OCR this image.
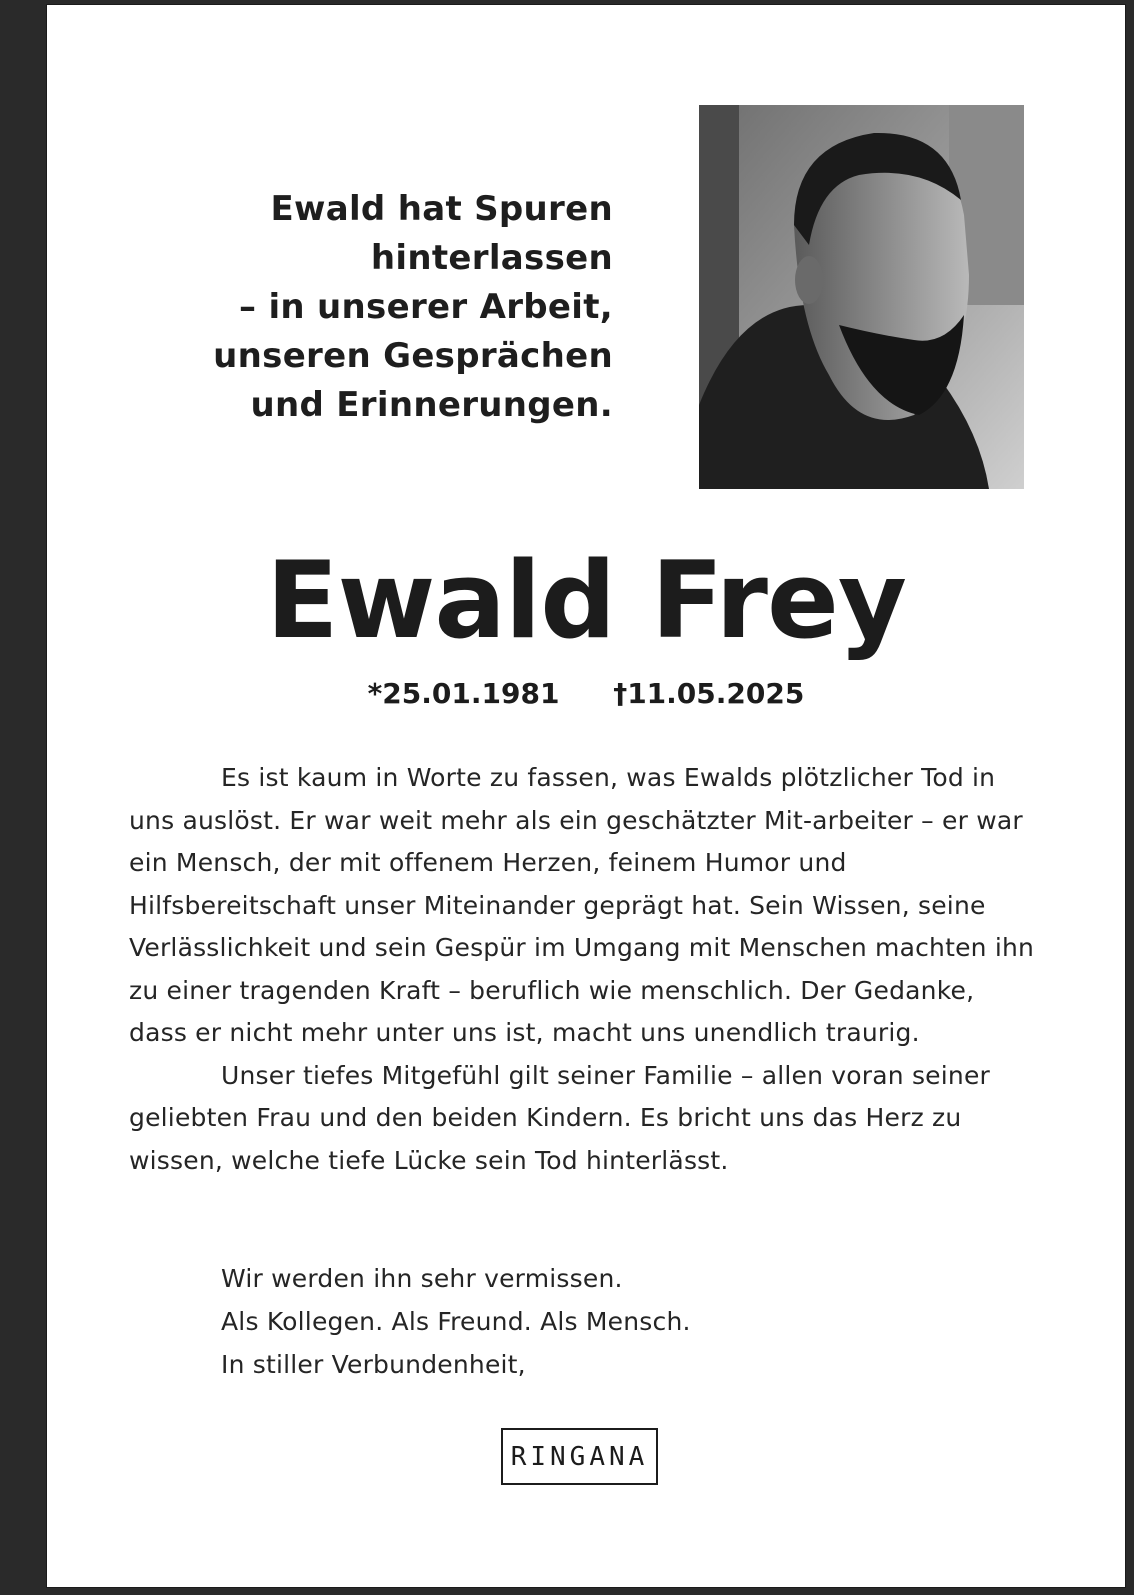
Ewald hat Spuren
hinterlassen
– in unserer Arbeit,
unseren Gesprächen
und Erinnerungen.
Ewald Frey
*25.01.1981 †11.05.2025

Es ist kaum in Worte zu fassen, was Ewalds plötzlicher Tod in uns auslöst. Er war weit mehr als ein geschätzter Mit-arbeiter – er war ein Mensch, der mit offenem Herzen, feinem Humor und Hilfsbereitschaft unser Miteinander geprägt hat. Sein Wissen, seine Verlässlichkeit und sein Gespür im Umgang mit Menschen machten ihn zu einer tragenden Kraft – beruflich wie menschlich. Der Gedanke, dass er nicht mehr unter uns ist, macht uns unendlich traurig.

Unser tiefes Mitgefühl gilt seiner Familie – allen voran seiner geliebten Frau und den beiden Kindern. Es bricht uns das Herz zu wissen, welche tiefe Lücke sein Tod hinterlässt.

Wir werden ihn sehr vermissen.
Als Kollegen. Als Freund. Als Mensch.
In stiller Verbundenheit,
RINGANA
